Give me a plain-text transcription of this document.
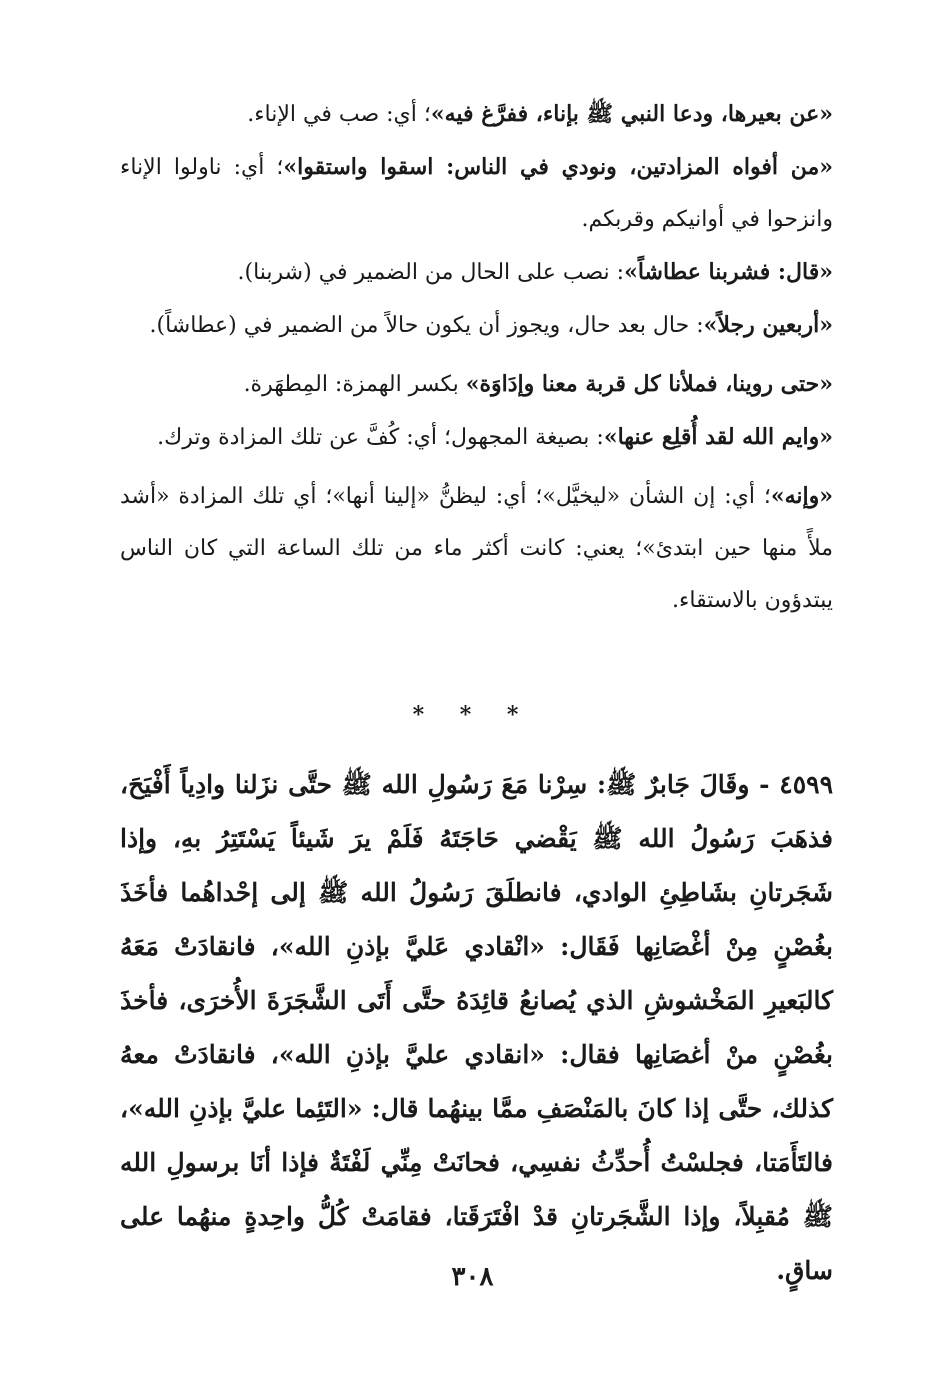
«عن بعيرها، ودعا النبي ﷺ بإناء، ففرَّغ فيه»؛ أي: صب في الإناء.

«من أفواه المزادتين، ونودي في الناس: اسقوا واستقوا»؛ أي: ناولوا الإناء وانزحوا في أوانيكم وقربكم.

«قال: فشربنا عطاشاً»: نصب على الحال من الضمير في (شربنا).

«أربعين رجلاً»: حال بعد حال، ويجوز أن يكون حالاً من الضمير في (عطاشاً).

«حتى روينا، فملأنا كل قربة معنا وإدَاوَة» بكسر الهمزة: المِطهَرة.

«وايم الله لقد أُقلِع عنها»: بصيغة المجهول؛ أي: كُفَّ عن تلك المزادة وترك.

«وإنه»؛ أي: إن الشأن «ليخيَّل»؛ أي: ليظنُّ «إلينا أنها»؛ أي تلك المزادة «أشد ملأً منها حين ابتدئ»؛ يعني: كانت أكثر ماء من تلك الساعة التي كان الناس يبتدؤون بالاستقاء.

* * *

٤٥٩٩ - وقَالَ جَابرٌ ﷺ: سِرْنا مَعَ رَسُولِ الله ﷺ حتَّى نزَلنا وادِياً أَفْيَحَ، فذهَبَ رَسُولُ الله ﷺ يَقْضي حَاجَتَهُ فَلَمْ يرَ شَيئاً يَسْتَتِرُ بهِ، وإذا شَجَرتانِ بشَاطِئِ الوادي، فانطلَقَ رَسُولُ الله ﷺ إلى إحْداهُما فأخَذَ بغُصْنٍ مِنْ أغْصَانِها فَقَال: «انْقادي عَليَّ بإذنِ الله»، فانقادَتْ مَعَهُ كالبَعيرِ المَخْشوشِ الذي يُصانعُ قائِدَهُ حتَّى أَتَى الشَّجَرَةَ الأُخرَى، فأخذَ بغُصْنٍ منْ أغصَانِها فقال: «انقادي عليَّ بإذنِ الله»، فانقادَتْ معهُ كذلك، حتَّى إذا كانَ بالمَنْصَفِ ممَّا بينهُما قال: «التَئِما عليَّ بإذنِ الله»، فالتَأَمَتا، فجلسْتُ أُحدِّثُ نفسِي، فحانَتْ مِنِّي لَفْتَةٌ فإذا أنَا برسولِ الله ﷺ مُقبِلاً، وإذا الشَّجَرتانِ قدْ افْتَرَقَتا، فقامَتْ كُلُّ واحِدةٍ منهُما على ساقٍ.

٣٠٨
